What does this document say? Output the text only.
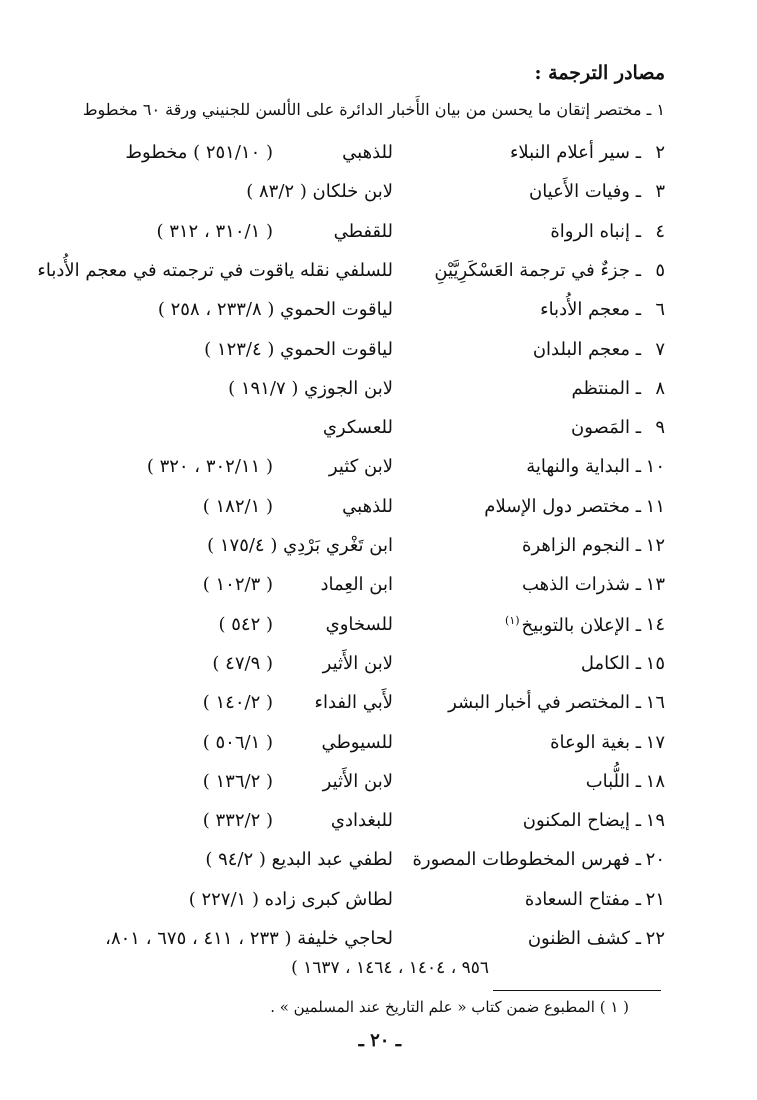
مصادر الترجمة :
١ ـ مختصر إتقان ما يحسن من بيان الأَخبار الدائرة على الألسن للجنيني ورقة ٦٠ مخطوط
٢
ـ سير أعلام النبلاء
للذهبي
( ٢٥١/١٠ ) مخطوط
٣
ـ وفيات الأَعيان
لابن خلكان ( ٨٣/٢ )
٤
ـ إنباه الرواة
للقفطي
( ٣١٠/١ ، ٣١٢ )
٥
ـ جزءٌ في ترجمة العَسْكَرِيَّيْنِ
للسلفي نقله ياقوت في ترجمته في معجم الأُدباء
٦
ـ معجم الأُدباء
لياقوت الحموي ( ٢٣٣/٨ ، ٢٥٨ )
٧
ـ معجم البلدان
لياقوت الحموي ( ١٢٣/٤ )
٨
ـ المنتظم
لابن الجوزي ( ١٩١/٧ )
٩
ـ المَصون
للعسكري
١٠
ـ البداية والنهاية
لابن كثير
( ٣٠٢/١١ ، ٣٢٠ )
١١
ـ مختصر دول الإسلام
للذهبي
( ١٨٢/١ )
١٢
ـ النجوم الزاهرة
ابن تَغْري بَرْدِي ( ١٧٥/٤ )
١٣
ـ شذرات الذهب
ابن العِماد
( ١٠٢/٣ )
١٤
ـ الإعلان بالتوبيخ$^{(١)}$
للسخاوي
( ٥٤٢ )
١٥
ـ الكامل
لابن الأَثير
( ٤٧/٩ )
١٦
ـ المختصر في أخبار البشر
لأَبي الفداء
( ١٤٠/٢ )
١٧
ـ بغية الوعاة
للسيوطي
( ٥٠٦/١ )
١٨
ـ اللُّباب
لابن الأَثير
( ١٣٦/٢ )
١٩
ـ إيضاح المكنون
للبغدادي
( ٣٣٢/٢ )
٢٠
ـ فهرس المخطوطات المصورة
لطفي عبد البديع ( ٩٤/٢ )
٢١
ـ مفتاح السعادة
لطاش كبرى زاده ( ٢٢٧/١ )
٢٢
ـ كشف الظنون
لحاجي خليفة ( ٢٣٣ ، ٤١١ ، ٦٧٥ ، ٨٠١،
٩٥٦ ، ١٤٠٤ ، ١٤٦٤ ، ١٦٣٧ )
( ١ ) المطبوع ضمن كتاب « علم التاريخ عند المسلمين » .
ـ ٢٠ ـ
